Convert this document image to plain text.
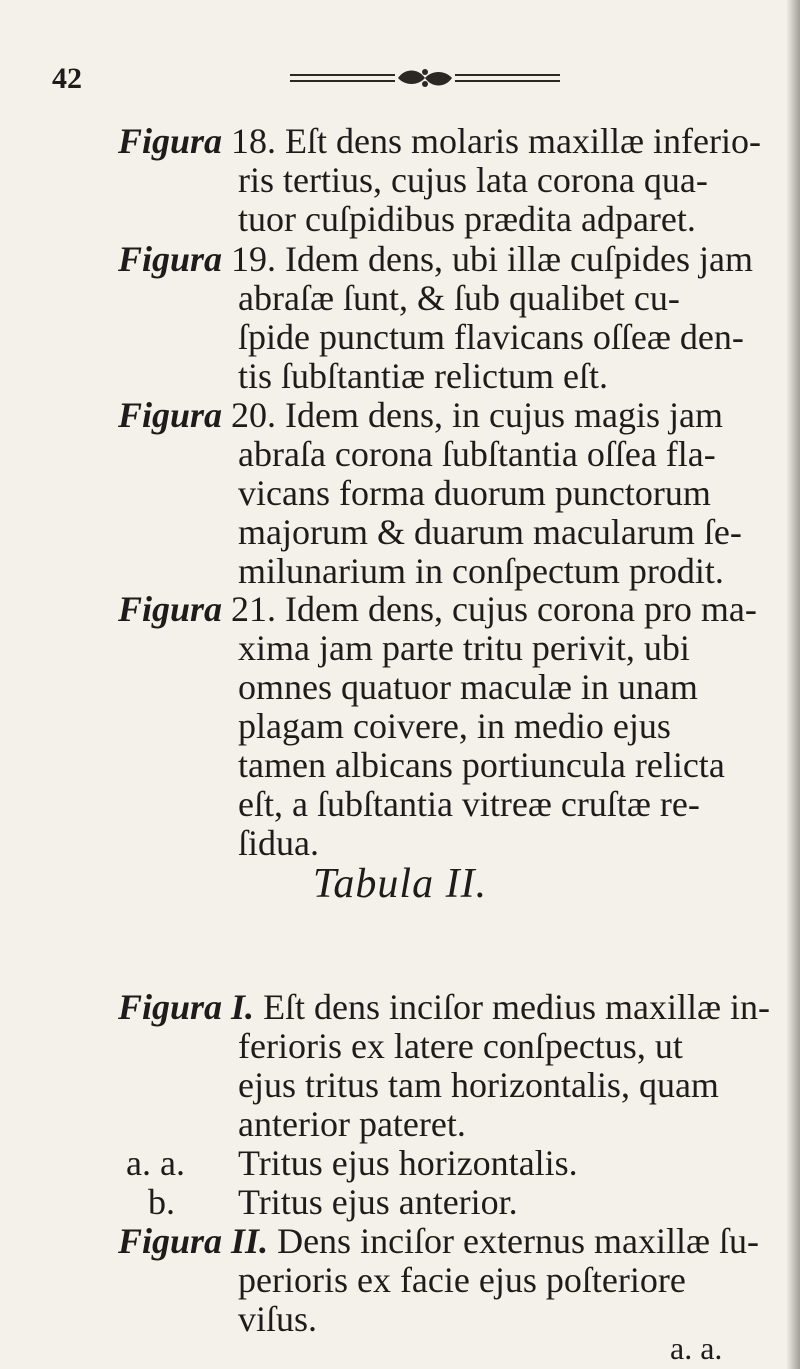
42
Figura 18. Eſt dens molaris maxillæ inferio-
ris tertius, cujus lata corona qua-
tuor cuſpidibus prædita adparet.
Figura 19. Idem dens, ubi illæ cuſpides jam
abraſæ ſunt, & ſub qualibet cu-
ſpide punctum flavicans oſſeæ den-
tis ſubſtantiæ relictum eſt.
Figura 20. Idem dens, in cujus magis jam
abraſa corona ſubſtantia oſſea fla-
vicans forma duorum punctorum
majorum & duarum macularum ſe-
milunarium in conſpectum prodit.
Figura 21. Idem dens, cujus corona pro ma-
xima jam parte tritu perivit, ubi
omnes quatuor maculæ in unam
plagam coivere, in medio ejus
tamen albicans portiuncula relicta
eſt, a ſubſtantia vitreæ cruſtæ re-
ſidua.
Tabula II.
Figura I. Eſt dens inciſor medius maxillæ in-
ferioris ex latere conſpectus, ut
ejus tritus tam horizontalis, quam
anterior pateret.
a. a. Tritus ejus horizontalis.
b. Tritus ejus anterior.
Figura II. Dens inciſor externus maxillæ ſu-
perioris ex facie ejus poſteriore
viſus.
a. a.
